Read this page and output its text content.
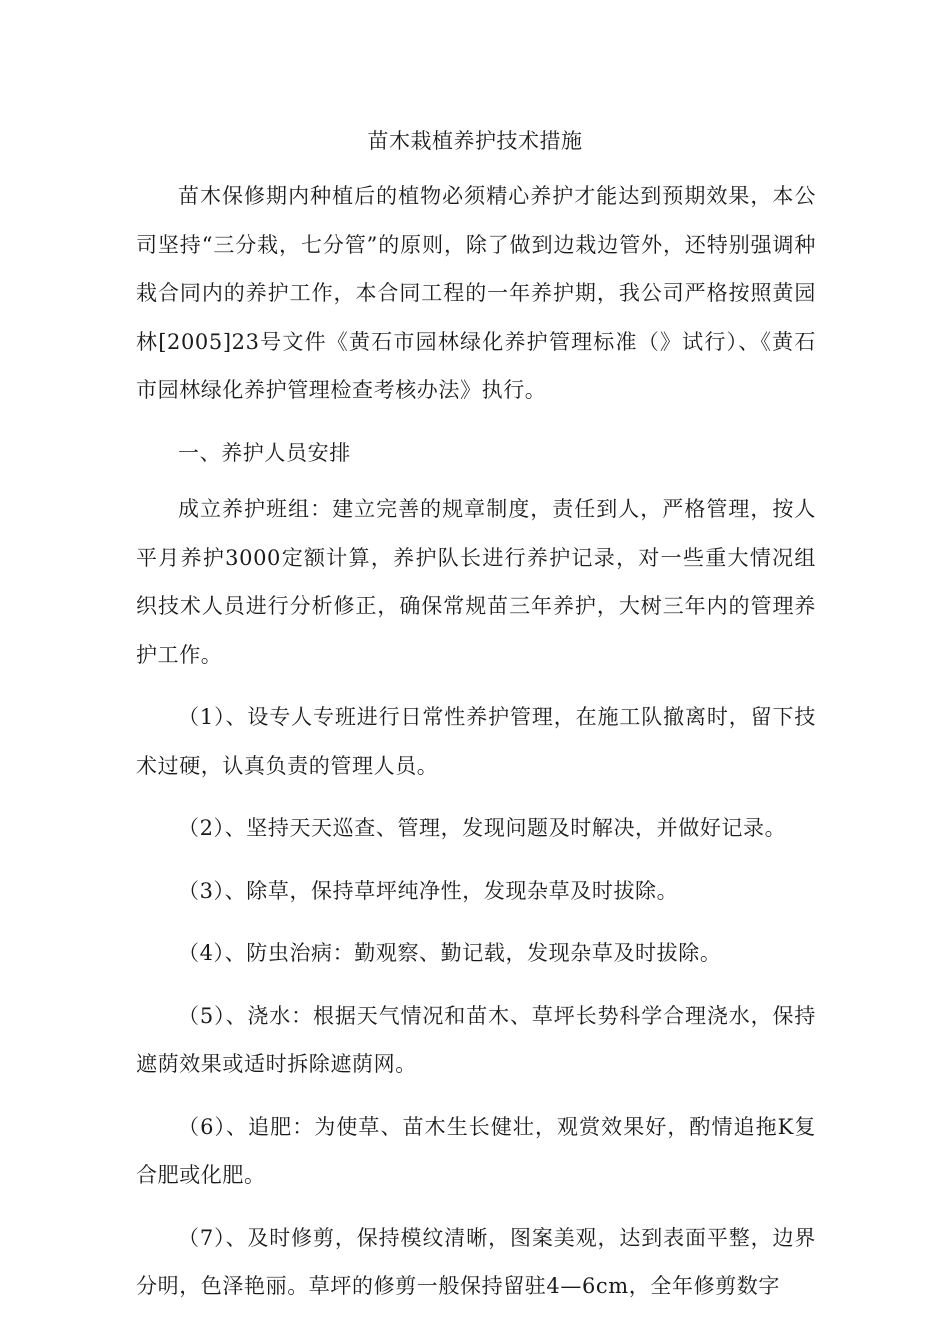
苗木栽植养护技术措施

苗木保修期内种植后的植物必须精心养护才能达到预期效果，本公司坚持“三分栽，七分管”的原则，除了做到边栽边管外，还特别强调种栽合同内的养护工作，本合同工程的一年养护期，我公司严格按照黄园林[2005]23号文件《黄石市园林绿化养护管理标准（》试行）、《黄石市园林绿化养护管理检查考核办法》执行。

一、养护人员安排

成立养护班组：建立完善的规章制度，责任到人，严格管理，按人平月养护3000定额计算，养护队长进行养护记录，对一些重大情况组织技术人员进行分析修正，确保常规苗三年养护，大树三年内的管理养护工作。

（1）、设专人专班进行日常性养护管理，在施工队撤离时，留下技术过硬，认真负责的管理人员。

（2）、坚持天天巡查、管理，发现问题及时解决，并做好记录。

（3）、除草，保持草坪纯净性，发现杂草及时拔除。

（4）、防虫治病：勤观察、勤记载，发现杂草及时拔除。

（5）、浇水：根据天气情况和苗木、草坪长势科学合理浇水，保持遮荫效果或适时拆除遮荫网。

（6）、追肥：为使草、苗木生长健壮，观赏效果好，酌情追拖K复合肥或化肥。

（7）、及时修剪，保持模纹清晰，图案美观，达到表面平整，边界分明，色泽艳丽。草坪的修剪一般保持留驻4—6cm，全年修剪数字
